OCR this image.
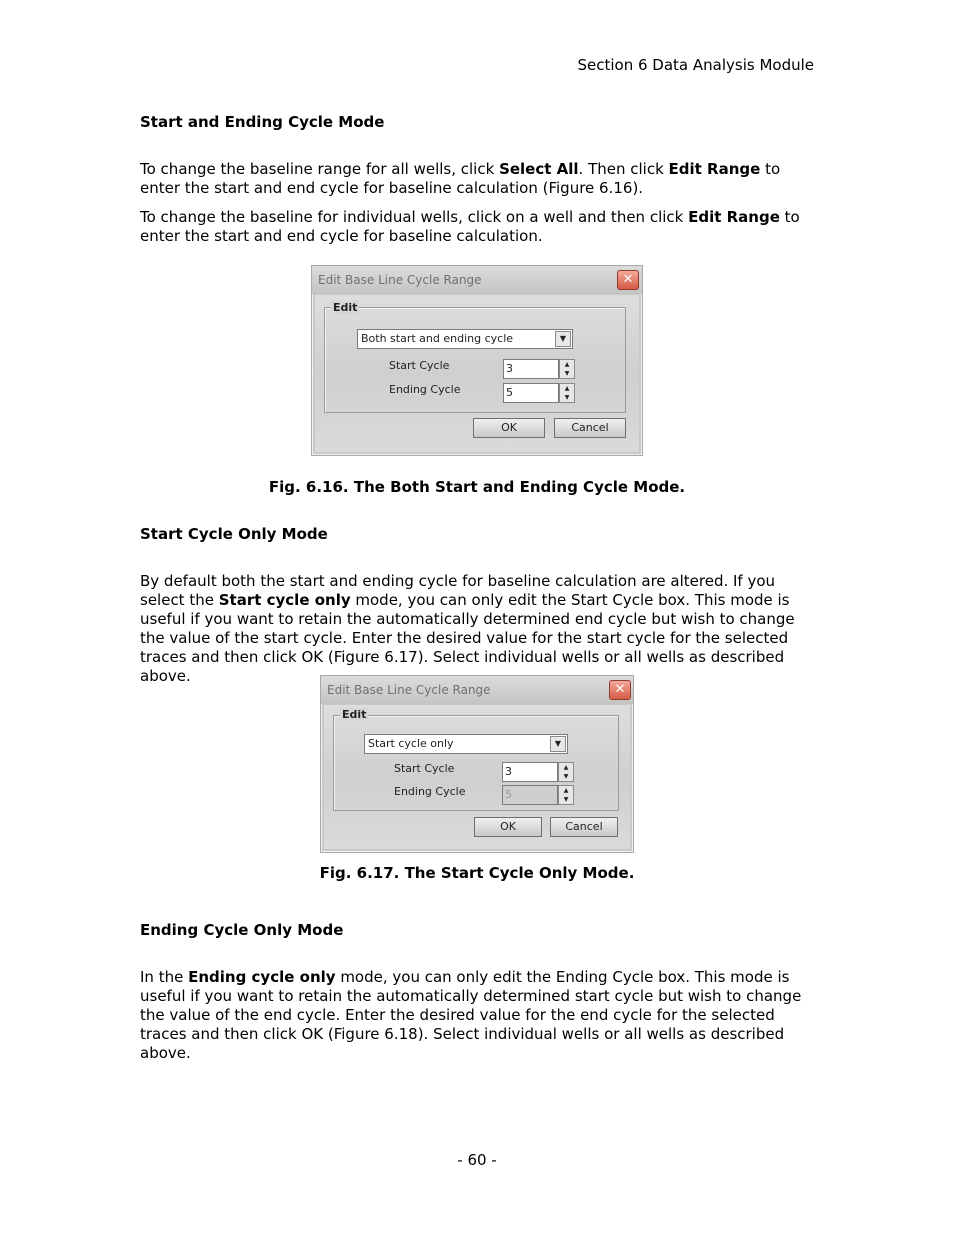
Section 6 Data Analysis Module
Start and Ending Cycle Mode
To change the baseline range for all wells, click Select All. Then click Edit Range to enter the start and end cycle for baseline calculation (Figure 6.16).
To change the baseline for individual wells, click on a well and then click Edit Range to enter the start and end cycle for baseline calculation.
Edit Base Line Cycle Range	✕
Edit
Both start and ending cycle	▼
Start Cycle	3	▲
▼
Ending Cycle	5	▲
▼
OK	Cancel
Fig. 6.16. The Both Start and Ending Cycle Mode.
Start Cycle Only Mode
By default both the start and ending cycle for baseline calculation are altered. If you select the Start cycle only mode, you can only edit the Start Cycle box. This mode is useful if you want to retain the automatically determined end cycle but wish to change the value of the start cycle. Enter the desired value for the start cycle for the selected traces and then click OK (Figure 6.17). Select individual wells or all wells as described above.
Edit Base Line Cycle Range	✕
Edit
Start cycle only	▼
Start Cycle	3	▲
▼
Ending Cycle	5	▲
▼
OK	Cancel
Fig. 6.17. The Start Cycle Only Mode.
Ending Cycle Only Mode
In the Ending cycle only mode, you can only edit the Ending Cycle box. This mode is useful if you want to retain the automatically determined start cycle but wish to change the value of the end cycle. Enter the desired value for the end cycle for the selected traces and then click OK (Figure 6.18). Select individual wells or all wells as described above.
- 60 -
